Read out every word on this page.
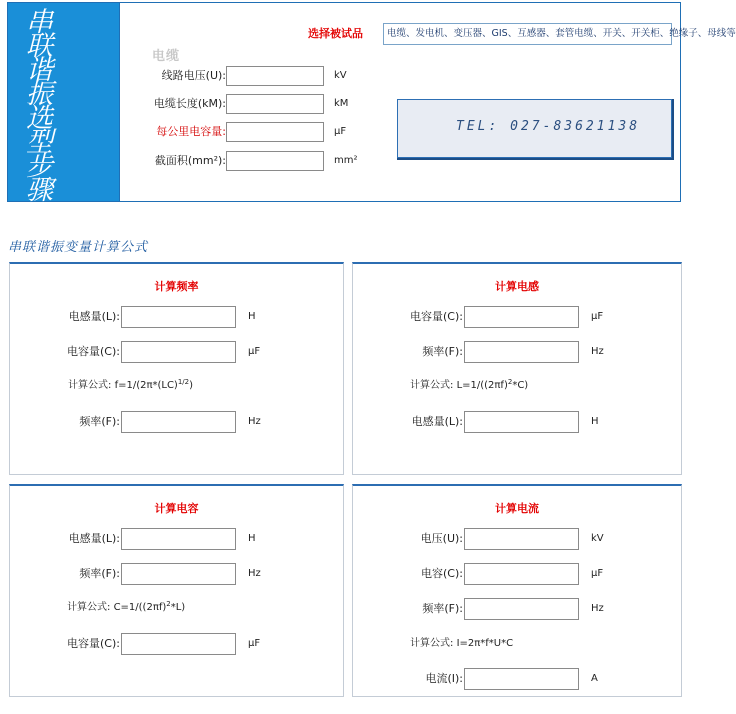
串联谐振选型步骤
选择被试品	电缆、发电机、变压器、GIS、互感器、套管电缆、开关、开关柜、绝缘子、母线等
电缆
线路电压(U):	kV
电缆长度(kM):	kM
每公里电容量:	μF
截面积(mm²):	mm²
TEL: 027-83621138
串联谐振变量计算公式
计算频率
电感量(L):	H
电容量(C):	μF
计算公式: f=1/(2π*(LC)$^{1/2}$)
频率(F):	Hz
计算电感
电容量(C):	μF
频率(F):	Hz
计算公式: $L=1/((2\pi f)^2*C)$
电感量(L):	H
计算电容
电感量(L):	H
频率(F):	Hz
计算公式: $C=1/((2\pi f)^2*L)$
电容量(C):	μF
计算电流
电压(U):	kV
电容(C):	μF
频率(F):	Hz
计算公式: I=2π*f*U*C
电流(I):	A
